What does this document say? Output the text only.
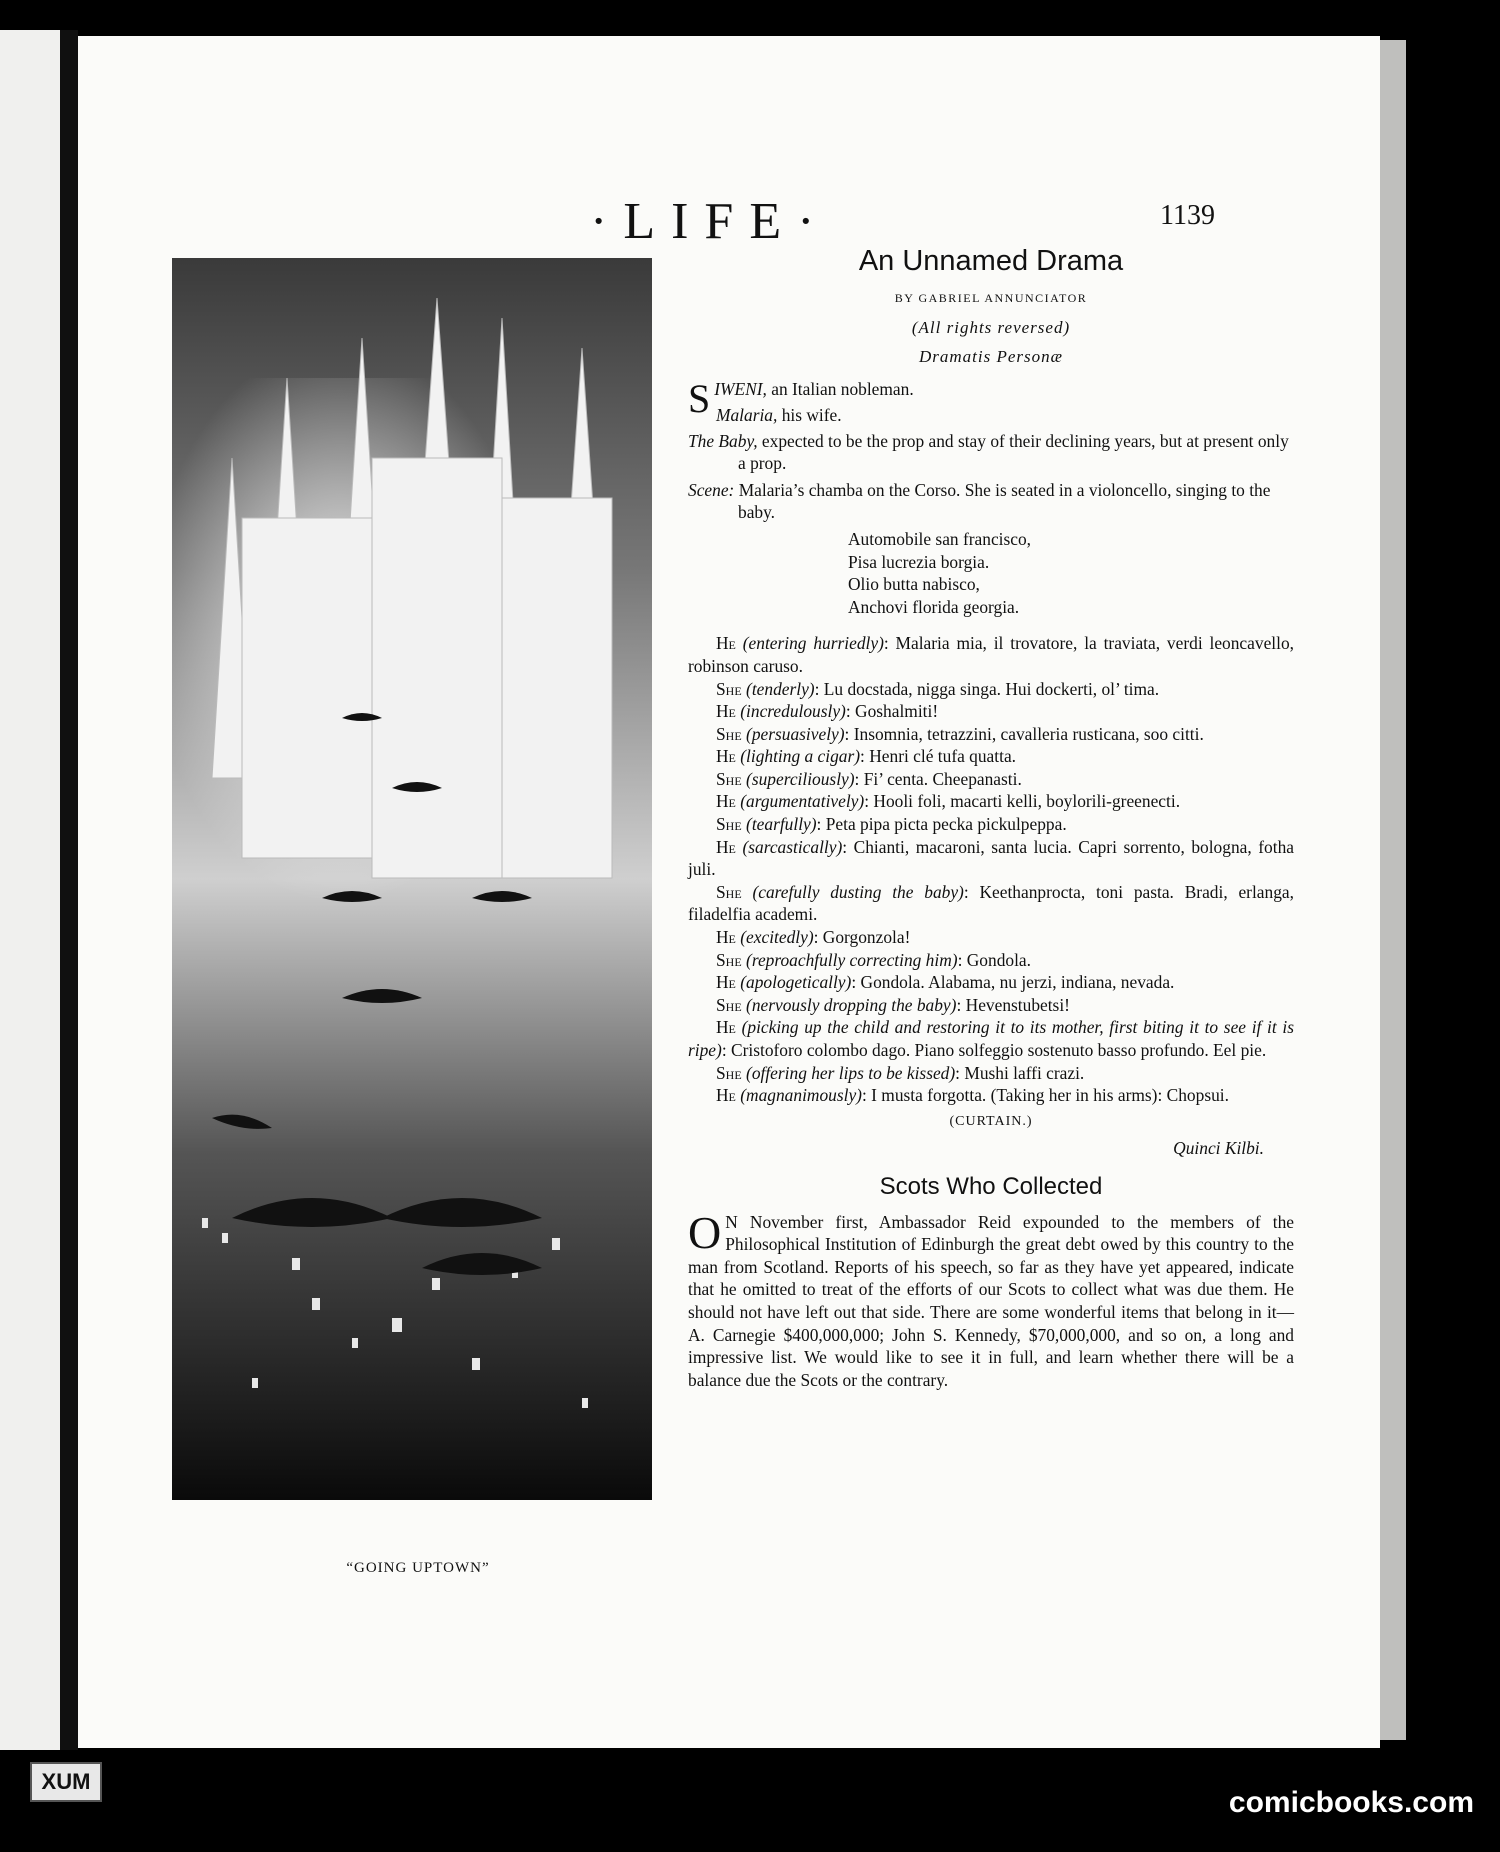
·LIFE·	1139
“GOING UPTOWN”
An Unnamed Drama
BY GABRIEL ANNUNCIATOR
(All rights reversed)
Dramatis Personæ

SIWENI, an Italian nobleman.

Malaria, his wife.

The Baby, expected to be the prop and stay of their declining years, but at present only a prop.

Scene: Malaria’s chamba on the Corso. She is seated in a violoncello, singing to the baby.

Automobile san francisco,
Pisa lucrezia borgia.
Olio butta nabisco,
Anchovi florida georgia.

He (entering hurriedly): Malaria mia, il trovatore, la traviata, verdi leoncavello, robinson caruso.

She (tenderly): Lu docstada, nigga singa. Hui dockerti, ol’ tima.

He (incredulously): Goshalmiti!

She (persuasively): Insomnia, tetrazzini, cavalleria rusticana, soo citti.

He (lighting a cigar): Henri clé tufa quatta.

She (superciliously): Fi’ centa. Cheepanasti.

He (argumentatively): Hooli foli, macarti kelli, boylorili-greenecti.

She (tearfully): Peta pipa picta pecka pickulpeppa.

He (sarcastically): Chianti, macaroni, santa lucia. Capri sorrento, bologna, fotha juli.

She (carefully dusting the baby): Keethanprocta, toni pasta. Bradi, erlanga, filadelfia academi.

He (excitedly): Gorgonzola!

She (reproachfully correcting him): Gondola.

He (apologetically): Gondola. Alabama, nu jerzi, indiana, nevada.

She (nervously dropping the baby): Hevenstubetsi!

He (picking up the child and restoring it to its mother, first biting it to see if it is ripe): Cristoforo colombo dago. Piano solfeggio sostenuto basso profundo. Eel pie.

She (offering her lips to be kissed): Mushi laffi crazi.

He (magnanimously): I musta forgotta. (Taking her in his arms): Chopsui.

(CURTAIN.)
Quinci Kilbi.
Scots Who Collected

O N November first, Ambassador Reid expounded to the members of the Philosophical Institution of Edinburgh the great debt owed by this country to the man from Scotland. Reports of his speech, so far as they have yet appeared, indicate that he omitted to treat of the efforts of our Scots to collect what was due them. He should not have left out that side. There are some wonderful items that belong in it—A. Carnegie $400,000,000; John S. Kennedy, $70,000,000, and so on, a long and impressive list. We would like to see it in full, and learn whether there will be a balance due the Scots or the contrary.

XUM
comicbooks.com
